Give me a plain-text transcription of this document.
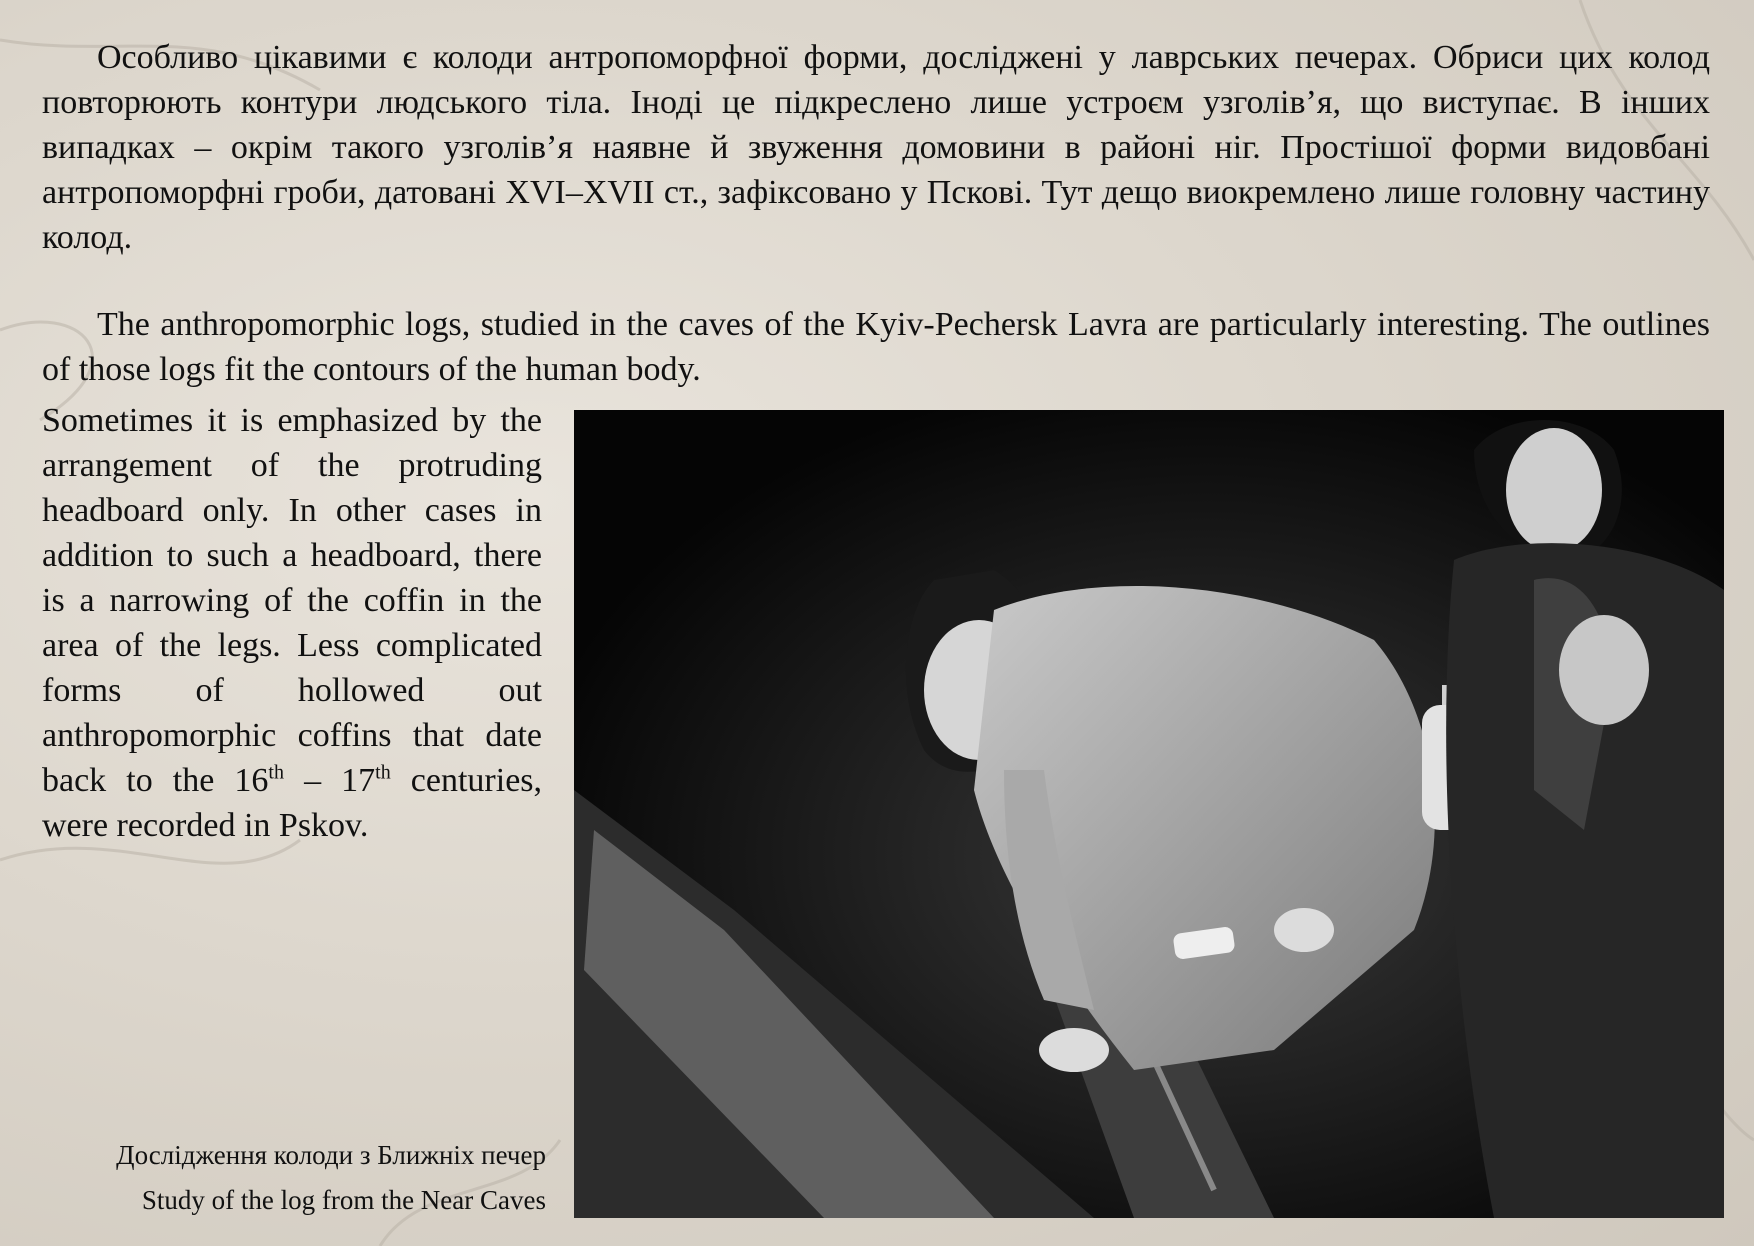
Особливо цікавими є колоди антропоморфної форми, досліджені у лаврських печерах. Обриси цих колод повторюють контури людського тіла. Іноді це підкреслено лише устроєм узголів’я, що виступає. В інших випадках – окрім такого узголів’я наявне й звуження домовини в районі ніг. Простішої форми видовбані антропоморфні гроби, датовані XVI–XVII ст., зафіксовано у Пскові. Тут дещо виокремлено лише головну частину колод.

The anthropomorphic logs, studied in the caves of the Kyiv-Pechersk Lavra are particularly interesting. The outlines of those logs fit the contours of the human body.

Sometimes it is emphasized by the arrangement of the protruding headboard only. In other cases in addition to such a headboard, there is a narrowing of the coffin in the area of the legs. Less complicated forms of hollowed out anthropomorphic coffins that date back to the 16th – 17th centuries, were recorded in Pskov.

Дослідження колоди з Ближніх печер
Study of the log from the Near Caves
